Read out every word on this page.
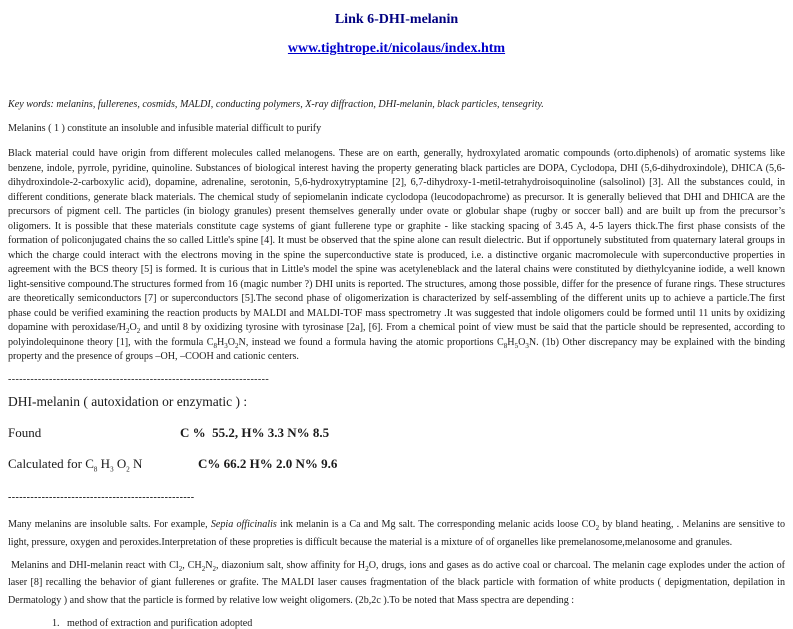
Link 6-DHI-melanin
www.tightrope.it/nicolaus/index.htm

Key words: melanins, fullerenes, cosmids, MALDI, conducting polymers, X-ray diffraction, DHI-melanin, black particles, tensegrity.

Melanins ( 1 ) constitute an insoluble and infusible material difficult to purify

Black material could have origin from different molecules called melanogens. These are on earth, generally, hydroxylated aromatic compounds (orto.diphenols) of aromatic systems like benzene, indole, pyrrole, pyridine, quinoline. Substances of biological interest having the property generating black particles are DOPA, Cyclodopa, DHI (5,6-dihydroxindole), DHICA (5,6-dihydroxindole-2-carboxylic acid), dopamine, adrenaline, serotonin, 5,6-hydroxytryptamine [2], 6,7-dihydroxy-1-metil-tetrahydroisoquinoline (salsolinol) [3]. All the substances could, in different conditions, generate black materials. The chemical study of sepiomelanin indicate cyclodopa (leucodopachrome) as precursor. It is generally believed that DHI and DHICA are the precursors of pigment cell. The particles (in biology granules) present themselves generally under ovate or globular shape (rugby or soccer ball) and are built up from the precursor’s oligomers. It is possible that these materials constitute cage systems of giant fullerene type or graphite - like stacking spacing of 3.45 A, 4-5 layers thick.The first phase consists of the formation of policonjugated chains the so called Little's spine [4]. It must be observed that the spine alone can result dielectric. But if opportunely substituted from quaternary lateral groups in which the charge could interact with the electrons moving in the spine the superconductive state is produced, i.e. a distinctive organic macromolecule with superconductive properties in agreement with the BCS theory [5] is formed. It is curious that in Little's model the spine was acetyleneblack and the lateral chains were constituted by diethylcyanine iodide, a well known light-sensitive compound.The structures formed from 16 (magic number ?) DHI units is reported. The structures, among those possible, differ for the presence of furane rings. These structures are theoretically semiconductors [7] or superconductors [5].The second phase of oligomerization is characterized by self-assembling of the different units up to achieve a particle.The first phase could be verified examining the reaction products by MALDI and MALDI-TOF mass spectrometry .It was suggested that indole oligomers could be formed until 11 units by oxidizing dopamine with peroxidase/$H_2O_2$ and until 8 by oxidizing tyrosine with tyrosinase [2a], [6]. From a chemical point of view must be said that the particle should be represented, according to polyindolequinone theory [1], with the formula $C_8H_3O_2N$, instead we found a formula having the atomic proportions $C_8H_5O_3N$. (1b) Other discrepancy may be explained with the binding property and the presence of groups –OH, –COOH and cationic centers.

----------------------------------------------------------------------
DHI-melanin ( autoxidation or enzymatic ) :
Found	C %  55.2, H% 3.3 N% 8.5
Calculated for $C_8$ $H_3$ $O_2$ N	C% 66.2 H% 2.0 N% 9.6
--------------------------------------------------

Many melanins are insoluble salts. For example, Sepia officinalis ink melanin is a Ca and Mg salt. The corresponding melanic acids loose $CO_2$ by bland heating, . Melanins are sensitive to light, pressure, oxygen and peroxides.Interpretation of these propreties is difficult because the material is a mixture of of organelles like premelanosome,melanosome and granules.

Melanins and DHI-melanin react with $Cl_2$, $CH_2N_2$, diazonium salt, show affinity for $H_2O$, drugs, ions and gases as do active coal or charcoal. The melanin cage explodes under the action of laser [8] recalling the behavior of giant fullerenes or grafite. The MALDI laser causes fragmentation of the black particle with formation of white products ( depigmentation, depilation in Dermatology ) and show that the particle is formed by relative low weight oligomers. (2b,2c ).To be noted that Mass spectra are depending :

1. method of extraction and purification adopted
